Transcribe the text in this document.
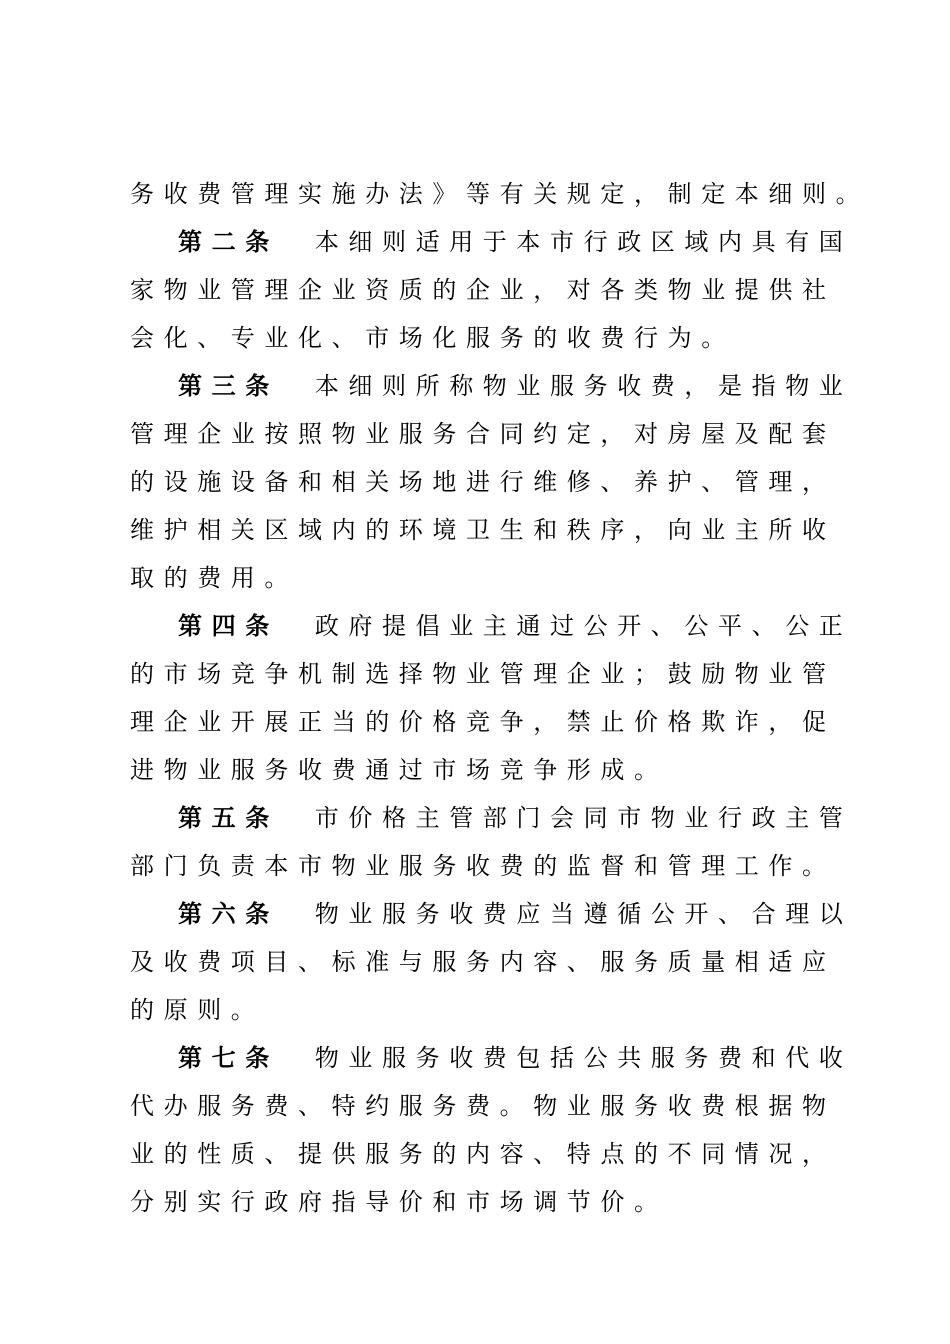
务收费管理实施办法》等有关规定，制定本细则。
第二条 本细则适用于本市行政区域内具有国
家物业管理企业资质的企业，对各类物业提供社
会化、专业化、市场化服务的收费行为。
第三条 本细则所称物业服务收费，是指物业
管理企业按照物业服务合同约定，对房屋及配套
的设施设备和相关场地进行维修、养护、管理，
维护相关区域内的环境卫生和秩序，向业主所收
取的费用。
第四条 政府提倡业主通过公开、公平、公正
的市场竞争机制选择物业管理企业；鼓励物业管
理企业开展正当的价格竞争，禁止价格欺诈，促
进物业服务收费通过市场竞争形成。
第五条 市价格主管部门会同市物业行政主管
部门负责本市物业服务收费的监督和管理工作。
第六条 物业服务收费应当遵循公开、合理以
及收费项目、标准与服务内容、服务质量相适应
的原则。
第七条 物业服务收费包括公共服务费和代收
代办服务费、特约服务费。物业服务收费根据物
业的性质、提供服务的内容、特点的不同情况，
分别实行政府指导价和市场调节价。
